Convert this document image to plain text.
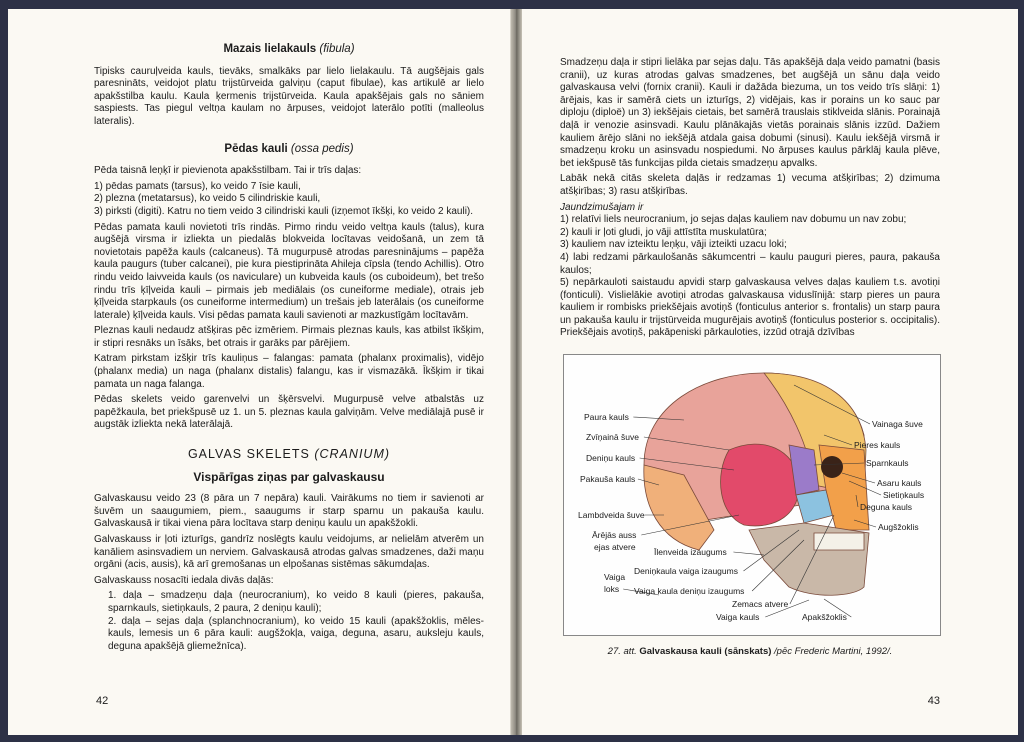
Mazais lielakauls (fibula)

Tipisks cauruļveida kauls, tievāks, smalkāks par lielo lielakaulu. Tā augšējais gals paresnināts, veidojot platu trijstūrveida galviņu (caput fibulae), kas artikulē ar lielo apakšstilba kaulu. Kaula ķermenis trijstūrveida. Kaula apakšējais gals no sāniem saspiests. Tas piegul veltņa kaulam no ārpuses, veidojot laterālo potīti (malleolus lateralis).

Pēdas kauli (ossa pedis)

Pēda taisnā leņķī ir pievienota apakšstilbam. Tai ir trīs daļas:

1) pēdas pamats (tarsus), ko veido 7 īsie kauli,
2) plezna (metatarsus), ko veido 5 cilindriskie kauli,

3) pirksti (digiti). Katru no tiem veido 3 cilindriski kauli (izņemot īkšķi, ko veido 2 kauli).

Pēdas pamata kauli novietoti trīs rindās. Pirmo rindu veido veltņa kauls (talus), kura augšējā virsma ir izliekta un piedalās blokveida locītavas veidošanā, un zem tā novietotais papēža kauls (calcaneus). Tā mugurpusē atrodas paresninājums – papēža kaula paugurs (tuber calcanei), pie kura piestiprināta Ahileja cīpsla (tendo Achillis). Otro rindu veido laivveida kauls (os naviculare) un kubveida kauls (os cuboideum), bet trešo rindu trīs ķīļveida kauli – pirmais jeb mediālais (os cuneiforme mediale), otrais jeb ķīļveida starpkauls (os cuneiforme intermedium) un trešais jeb laterālais (os cuneiforme laterale) ķīļveida kauls. Visi pēdas pamata kauli savienoti ar mazkustīgām locītavām.

Pleznas kauli nedaudz atšķiras pēc izmēriem. Pirmais pleznas kauls, kas atbilst īkšķim, ir stipri resnāks un īsāks, bet otrais ir garāks par pārējiem.

Katram pirkstam izšķir trīs kauliņus – falangas: pamata (phalanx proximalis), vidējo (phalanx media) un naga (phalanx distalis) falangu, kas ir vismazākā. Īkšķim ir tikai pamata un naga falanga.

Pēdas skelets veido garenvelvi un šķērsvelvi. Mugurpusē velve atbalstās uz papēžkaula, bet priekšpusē uz 1. un 5. pleznas kaula galviņām. Velve mediālajā pusē ir augstāk izliekta nekā laterālajā.

GALVAS SKELETS (CRANIUM)
Vispārīgas ziņas par galvaskausu

Galvaskausu veido 23 (8 pāra un 7 nepāra) kauli. Vairākums no tiem ir savienoti ar šuvēm un saaugumiem, piem., saaugums ir starp sparnu un pakauša kaulu. Galvaskausā ir tikai viena pāra locītava starp deniņu kaulu un apakšžokli.

Galvaskauss ir ļoti izturīgs, gandrīz noslēgts kaulu veidojums, ar nelielām atverēm un kanāliem asinsvadiem un nerviem. Galvaskausā atrodas galvas smadzenes, daži maņu orgāni (acis, ausis), kā arī gremošanas un elpošanas sistēmas sākumdaļas.

Galvaskauss nosacīti iedala divās daļās:

1. daļa – smadzeņu daļa (neurocranium), ko veido 8 kauli (pieres, pakauša, sparnkauls, sietiņkauls, 2 paura, 2 deniņu kauli);
2. daļa – sejas daļa (splanchnocranium), ko veido 15 kauli (apakšžoklis, mēles-kauls, lemesis un 6 pāra kauli: augšžokļa, vaiga, deguna, asaru, auksleju kauls, deguna apakšējā gliemežnīca).
42

Smadzeņu daļa ir stipri lielāka par sejas daļu. Tās apakšējā daļa veido pamatni (basis cranii), uz kuras atrodas galvas smadzenes, bet augšējā un sānu daļa veido galvaskausa velvi (fornix cranii). Kauli ir dažāda biezuma, un tos veido trīs slāņi: 1) ārējais, kas ir samērā ciets un izturīgs, 2) vidējais, kas ir porains un ko sauc par diploju (diploë) un 3) iekšējais cietais, bet samērā trauslais stiklveida slānis. Porainajā daļā ir venozie asinsvadi. Kaulu plānākajās vietās porainais slānis izzūd. Dažiem kauliem ārējo slāni no iekšējā atdala gaisa dobumi (sinusi). Kaulu iekšējā virsmā ir smadzeņu kroku un asinsvadu nospiedumi. No ārpuses kaulus pārklāj kaula plēve, bet iekšpusē tās funkcijas pilda cietais smadzeņu apvalks.

Labāk nekā citās skeleta daļās ir redzamas 1) vecuma atšķirības; 2) dzimuma atšķirības; 3) rasu atšķirības.

Jaundzimušajam ir
1) relatīvi liels neurocranium, jo sejas daļas kauliem nav dobumu un nav zobu;
2) kauli ir ļoti gludi, jo vāji attīstīta muskulatūra;
3) kauliem nav izteiktu leņķu, vāji izteikti uzacu loki;
4) labi redzami pārkaulošanās sākumcentri – kaulu pauguri pieres, paura, pakauša kaulos;
5) nepārkauloti saistaudu apvidi starp galvaskausa velves daļas kauliem t.s. avotiņi (fonticuli). Vislielākie avotiņi atrodas galvaskausa viduslīnijā: starp pieres un paura kauliem ir rombisks priekšējais avotiņš (fonticulus anterior s. frontalis) un starp paura un pakauša kaulu ir trijstūrveida mugurējais avotiņš (fonticulus posterior s. occipitalis). Priekšējais avotiņš, pakāpeniski pārkauloties, izzūd otrajā dzīvības
Paura kauls
Zvīņainā šuve
Deniņu kauls
Pakauša kauls
Lambdveida šuve
Ārējās auss
ejas atvere Īlenveida izaugums
Vaiga
loks
Deniņkaula vaiga izaugums
Vaiga kaula deniņu izaugums
Zemacs atvere
Vaiga kauls	Apakšžoklis
Vainaga šuve
Pieres kauls
Sparnkauls
Asaru kauls
Sietiņkauls
Deguna kauls
Augšžoklis
27. att. Galvaskausa kauli (sānskats) /pēc Frederic Martini, 1992/.
43
